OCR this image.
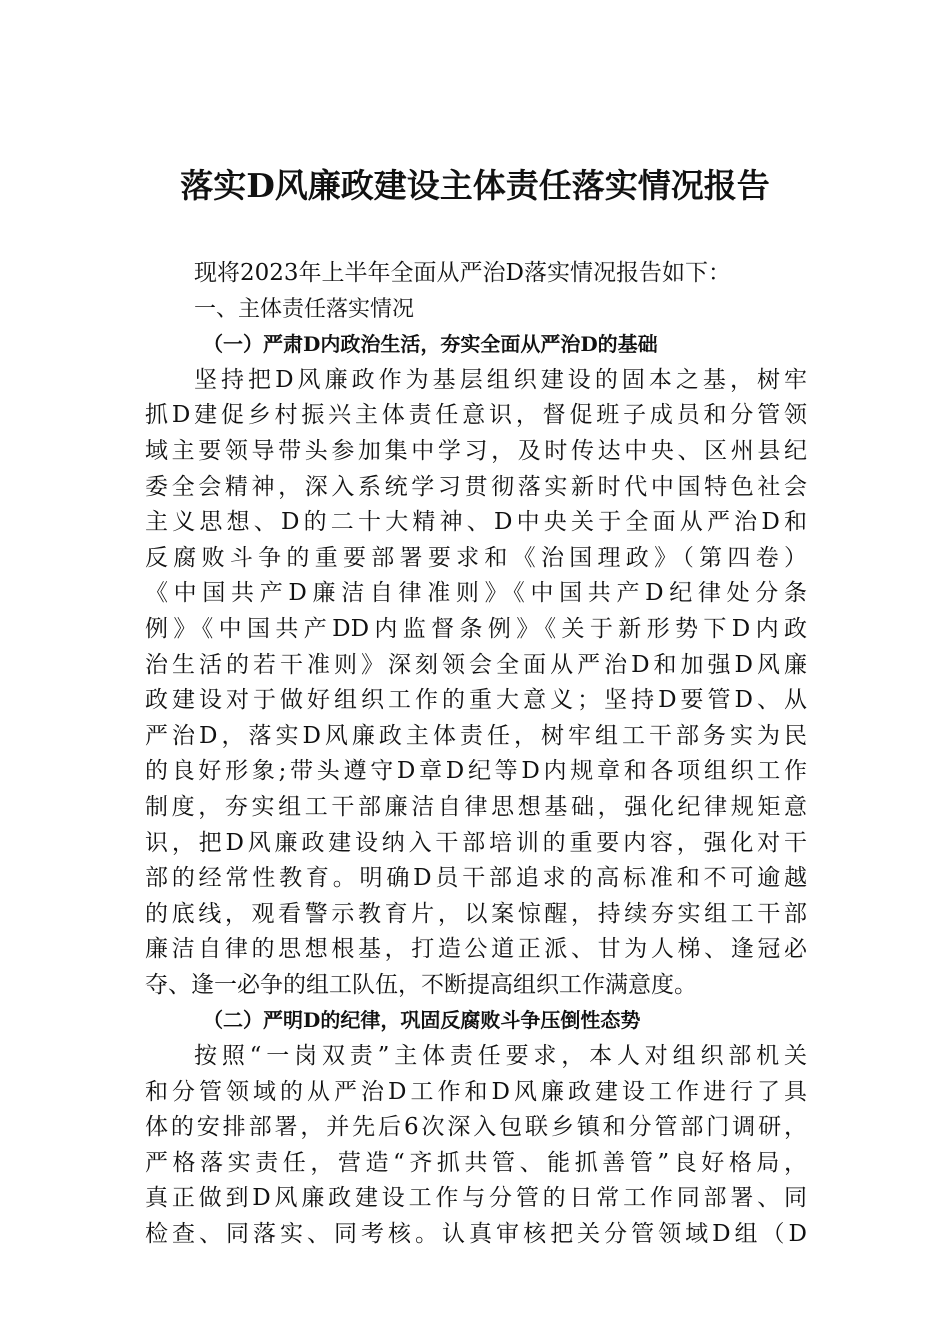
落实D风廉政建设主体责任落实情况报告
现将2023年上半年全面从严治D落实情况报告如下：
一、主体责任落实情况
（一）严肃D内政治生活，夯实全面从严治D的基础
坚持把D风廉政作为基层组织建设的固本之基，树牢
抓D建促乡村振兴主体责任意识，督促班子成员和分管领
域主要领导带头参加集中学习，及时传达中央、区州县纪
委全会精神，深入系统学习贯彻落实新时代中国特色社会
主义思想、D的二十大精神、D中央关于全面从严治D和
反腐败斗争的重要部署要求和《治国理政》（第四卷）
《中国共产D廉洁自律准则》《中国共产D纪律处分条
例》《中国共产DD内监督条例》《关于新形势下D内政
治生活的若干准则》深刻领会全面从严治D和加强D风廉
政建设对于做好组织工作的重大意义；坚持D要管D、从
严治D，落实D风廉政主体责任，树牢组工干部务实为民
的良好形象;带头遵守D章D纪等D内规章和各项组织工作
制度，夯实组工干部廉洁自律思想基础，强化纪律规矩意
识，把D风廉政建设纳入干部培训的重要内容，强化对干
部的经常性教育。明确D员干部追求的高标准和不可逾越
的底线，观看警示教育片，以案惊醒，持续夯实组工干部
廉洁自律的思想根基，打造公道正派、甘为人梯、逢冠必
夺、逢一必争的组工队伍，不断提高组织工作满意度。
（二）严明D的纪律，巩固反腐败斗争压倒性态势
按照“一岗双责”主体责任要求，本人对组织部机关
和分管领域的从严治D工作和D风廉政建设工作进行了具
体的安排部署，并先后6次深入包联乡镇和分管部门调研，
严格落实责任，营造“齐抓共管、能抓善管”良好格局，
真正做到D风廉政建设工作与分管的日常工作同部署、同
检查、同落实、同考核。认真审核把关分管领域D组（D
